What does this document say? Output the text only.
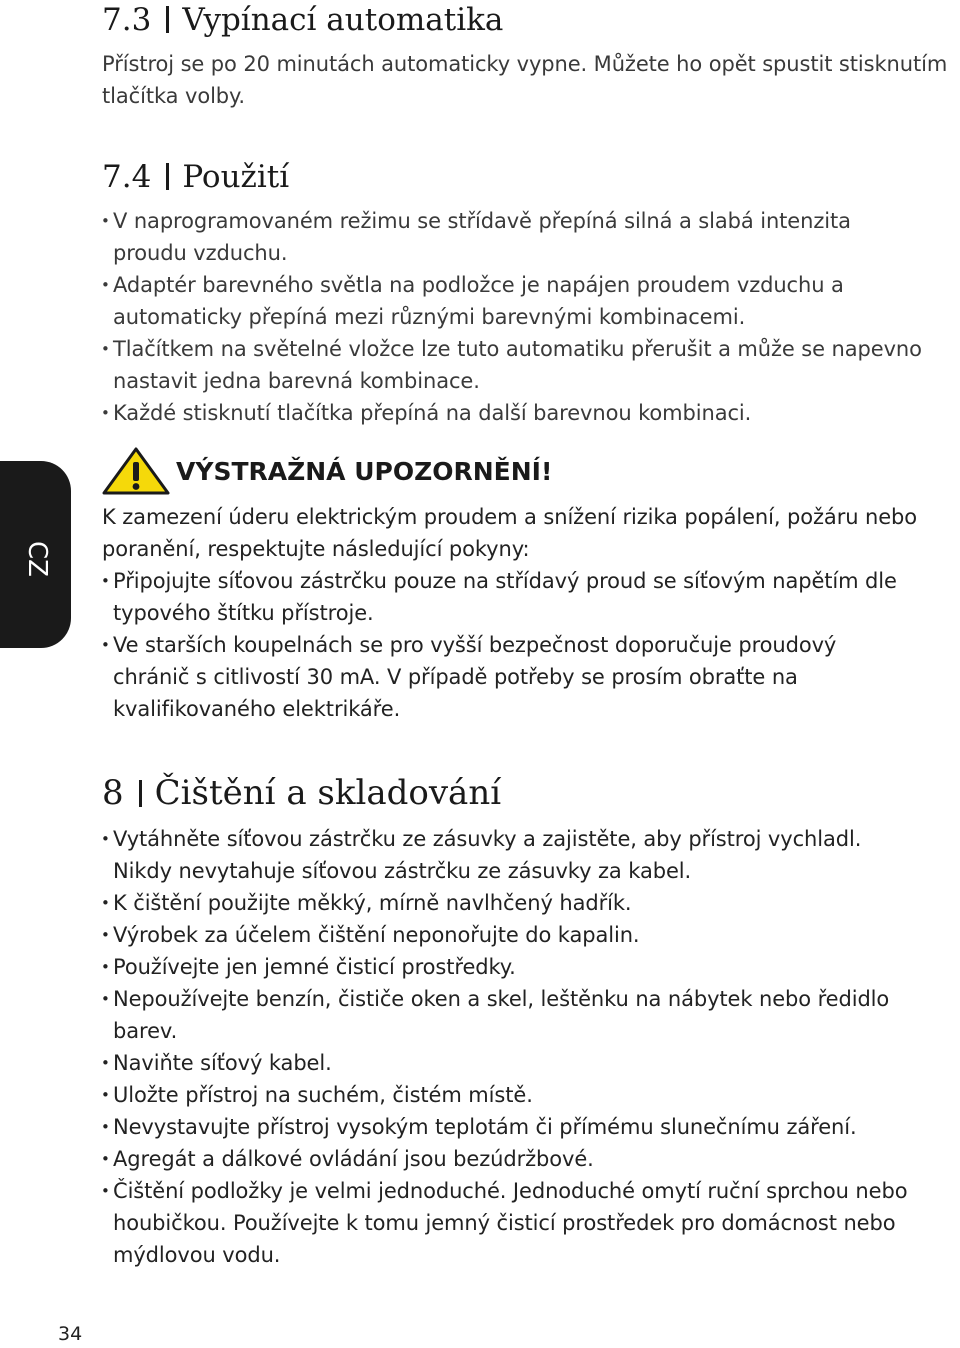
CZ
7.3 Vypínací automatika
Přístroj se po 20 minutách automaticky vypne. Můžete ho opět spustit stisknutím tlačítka volby.
7.4 Použití
• V naprogramovaném režimu se střídavě přepíná silná a slabá intenzita proudu vzduchu.
• Adaptér barevného světla na podložce je napájen proudem vzduchu a automaticky přepíná mezi různými barevnými kombinacemi.
• Tlačítkem na světelné vložce lze tuto automatiku přerušit a může se napevno nastavit jedna barevná kombinace.
• Každé stisknutí tlačítka přepíná na další barevnou kombinaci.
VÝSTRAŽNÁ UPOZORNĚNÍ!
K zamezení úderu elektrickým proudem a snížení rizika popálení, požáru nebo poranění, respektujte následující pokyny:
• Připojujte síťovou zástrčku pouze na střídavý proud se síťovým napětím dle typového štítku přístroje.
• Ve starších koupelnách se pro vyšší bezpečnost doporučuje proudový chránič s citlivostí 30 mA. V případě potřeby se prosím obraťte na kvalifikovaného elektrikáře.
8 Čištění a skladování
• Vytáhněte síťovou zástrčku ze zásuvky a zajistěte, aby přístroj vychladl. Nikdy nevytahuje síťovou zástrčku ze zásuvky za kabel.
• K čištění použijte měkký, mírně navlhčený hadřík.
• Výrobek za účelem čištění neponořujte do kapalin.
• Používejte jen jemné čisticí prostředky.
• Nepoužívejte benzín, čističe oken a skel, leštěnku na nábytek nebo ředidlo barev.
• Naviňte síťový kabel.
• Uložte přístroj na suchém, čistém místě.
• Nevystavujte přístroj vysokým teplotám či přímému slunečnímu záření.
• Agregát a dálkové ovládání jsou bezúdržbové.
• Čištění podložky je velmi jednoduché. Jednoduché omytí ruční sprchou nebo houbičkou. Používejte k tomu jemný čisticí prostředek pro domácnost nebo mýdlovou vodu.
34
